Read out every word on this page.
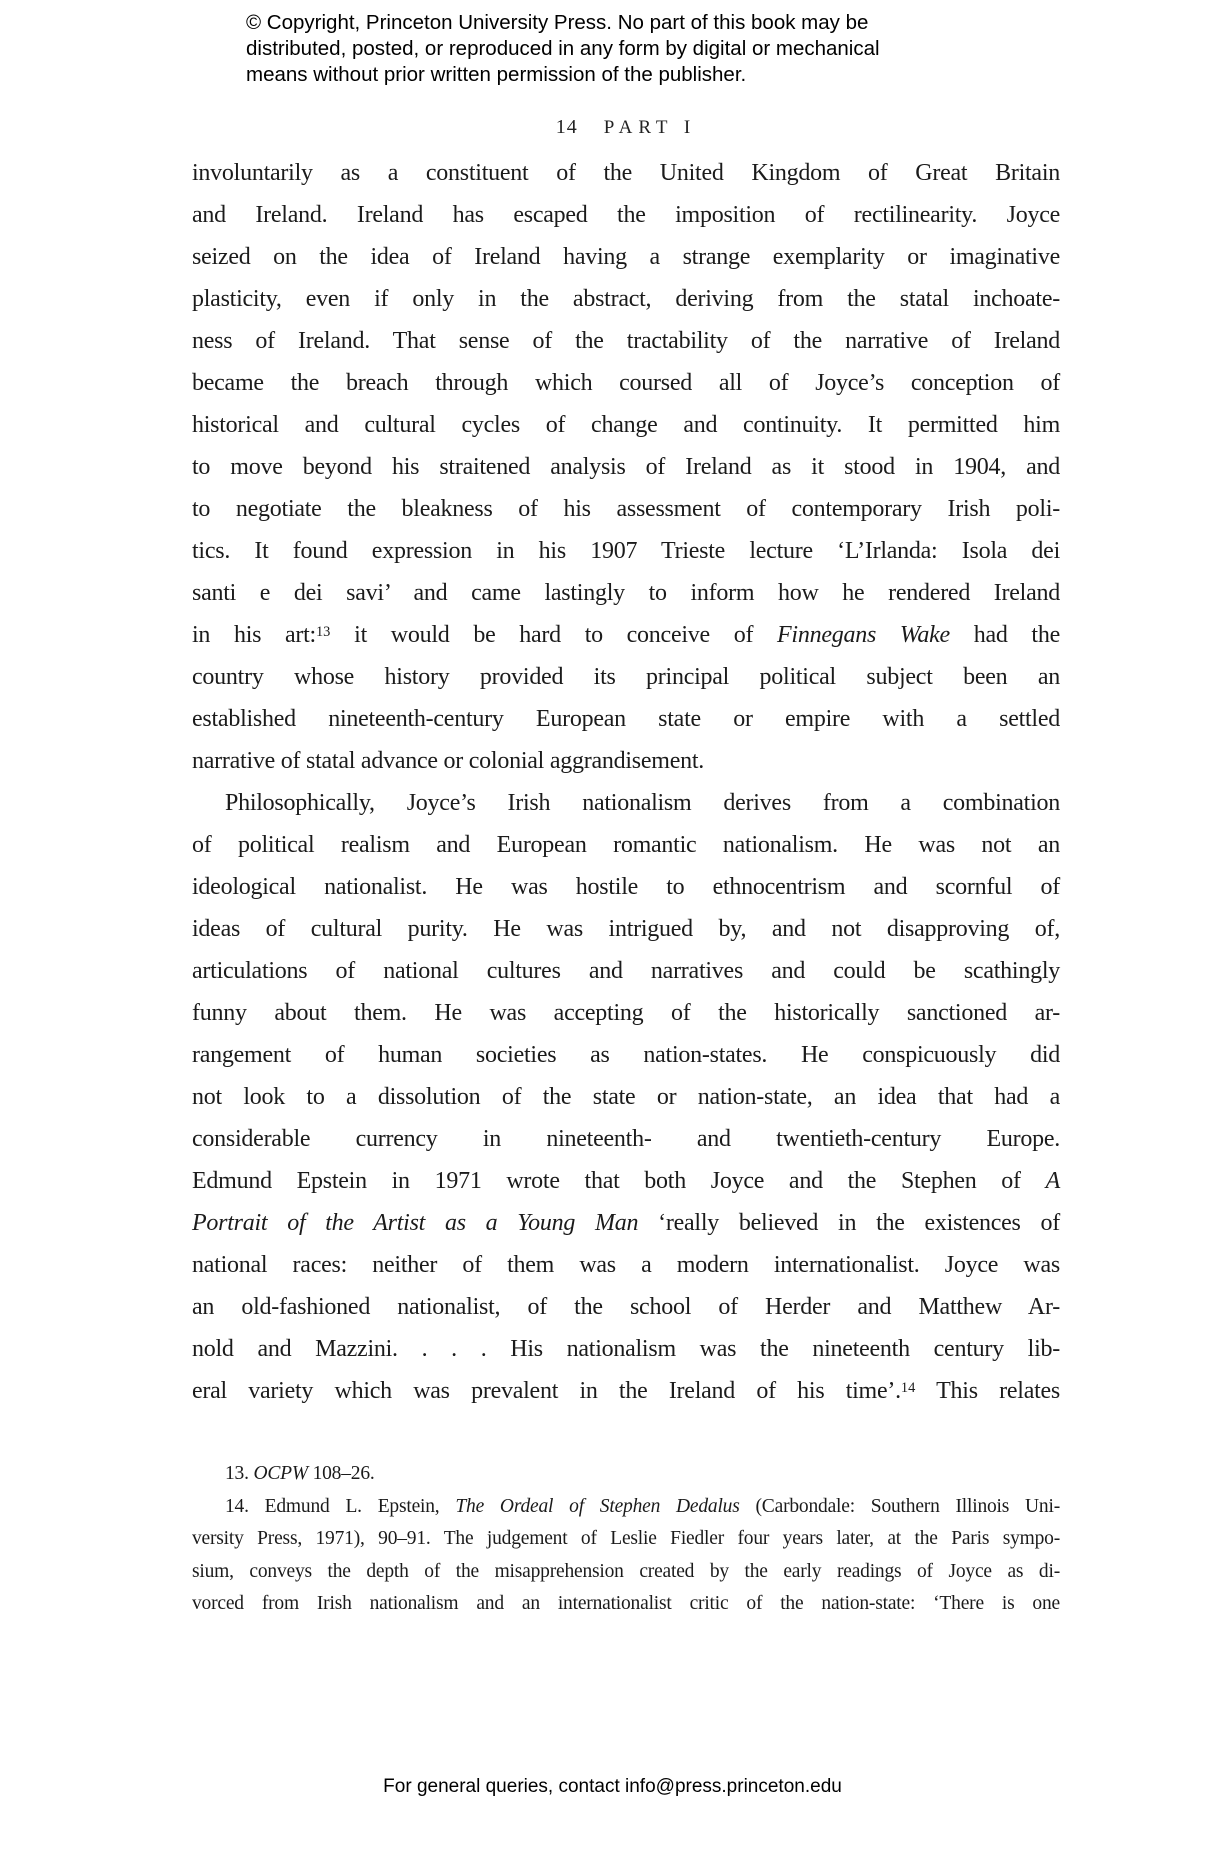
© Copyright, Princeton University Press. No part of this book may be
distributed, posted, or reproduced in any form by digital or mechanical
means without prior written permission of the publisher.
14 PART I
involuntarily as a constituent of the United Kingdom of Great Britain
and Ireland. Ireland has escaped the imposition of rectilinearity. Joyce
seized on the idea of Ireland having a strange exemplarity or imaginative
plasticity, even if only in the abstract, deriving from the statal inchoate-
ness of Ireland. That sense of the tractability of the narrative of Ireland
became the breach through which coursed all of Joyce’s conception of
historical and cultural cycles of change and continuity. It permitted him
to move beyond his straitened analysis of Ireland as it stood in 1904, and
to negotiate the bleakness of his assessment of contemporary Irish poli-
tics. It found expression in his 1907 Trieste lecture ‘L’Irlanda: Isola dei
santi e dei savi’ and came lastingly to inform how he rendered Ireland
in his art:$^{13}$ it would be hard to conceive of Finnegans Wake had the
country whose history provided its principal political subject been an
established nineteenth-century European state or empire with a settled
narrative of statal advance or colonial aggrandisement.
Philosophically, Joyce’s Irish nationalism derives from a combination
of political realism and European romantic nationalism. He was not an
ideological nationalist. He was hostile to ethnocentrism and scornful of
ideas of cultural purity. He was intrigued by, and not disapproving of,
articulations of national cultures and narratives and could be scathingly
funny about them. He was accepting of the historically sanctioned ar-
rangement of human societies as nation-states. He conspicuously did
not look to a dissolution of the state or nation-state, an idea that had a
considerable currency in nineteenth- and twentieth-century Europe.
Edmund Epstein in 1971 wrote that both Joyce and the Stephen of A
Portrait of the Artist as a Young Man ‘really believed in the existences of
national races: neither of them was a modern internationalist. Joyce was
an old-fashioned nationalist, of the school of Herder and Matthew Ar-
nold and Mazzini. . . . His nationalism was the nineteenth century lib-
eral variety which was prevalent in the Ireland of his time’.$^{14}$ This relates
13. OCPW 108–26.
14. Edmund L. Epstein, The Ordeal of Stephen Dedalus (Carbondale: Southern Illinois Uni-
versity Press, 1971), 90–91. The judgement of Leslie Fiedler four years later, at the Paris sympo-
sium, conveys the depth of the misapprehension created by the early readings of Joyce as di-
vorced from Irish nationalism and an internationalist critic of the nation-state: ‘There is one
For general queries, contact info@press.princeton.edu
